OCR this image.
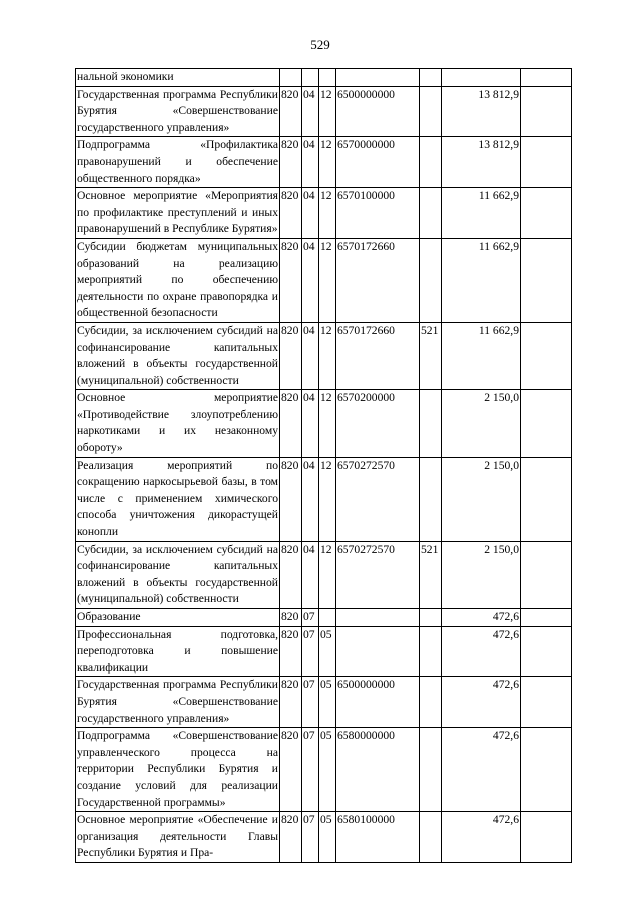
529
нальной экономики							
Государственная программа Республики Бурятия «Совершенствование государственного управления»	820	04	12	6500000000		13 812,9	
Подпрограмма «Профилактика правонарушений и обеспечение общественного порядка»	820	04	12	6570000000		13 812,9	
Основное мероприятие «Мероприятия по профилактике преступлений и иных правонарушений в Республике Бурятия»	820	04	12	6570100000		11 662,9	
Субсидии бюджетам муниципальных образований на реализацию мероприятий по обеспечению деятельности по охране правопорядка и общественной безопасности	820	04	12	6570172660		11 662,9	
Субсидии, за исключением субсидий на софинансирование капитальных вложений в объекты государственной (муниципальной) собственности	820	04	12	6570172660	521	11 662,9	
Основное мероприятие «Противодействие злоупотреблению наркотиками и их незаконному обороту»	820	04	12	6570200000		2 150,0	
Реализация мероприятий по сокращению наркосырьевой базы, в том числе с применением химического способа уничтожения дикорастущей конопли	820	04	12	6570272570		2 150,0	
Субсидии, за исключением субсидий на софинансирование капитальных вложений в объекты государственной (муниципальной) собственности	820	04	12	6570272570	521	2 150,0	
Образование	820	07				472,6	
Профессиональная подготовка, переподготовка и повышение квалификации	820	07	05			472,6	
Государственная программа Республики Бурятия «Совершенствование государственного управления»	820	07	05	6500000000		472,6	
Подпрограмма «Совершенствование управленческого процесса на территории Республики Бурятия и создание условий для реализации Государственной программы»	820	07	05	6580000000		472,6	
Основное мероприятие «Обеспечение и организация деятельности Главы Республики Бурятия и Пра-	820	07	05	6580100000		472,6	
